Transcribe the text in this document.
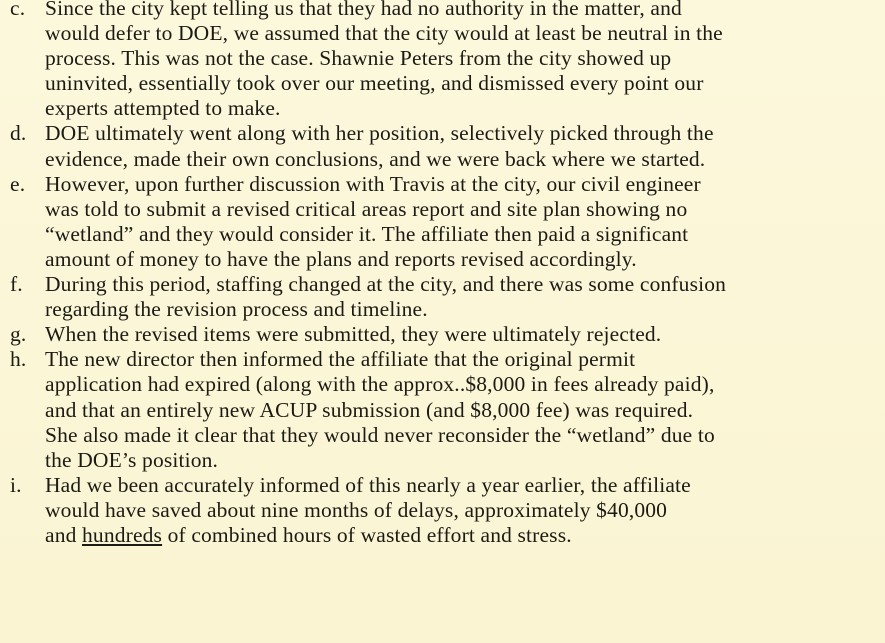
c. Since the city kept telling us that they had no authority in the matter, and
would defer to DOE, we assumed that the city would at least be neutral in the
process. This was not the case. Shawnie Peters from the city showed up
uninvited, essentially took over our meeting, and dismissed every point our
experts attempted to make.
d. DOE ultimately went along with her position, selectively picked through the
evidence, made their own conclusions, and we were back where we started.
e. However, upon further discussion with Travis at the city, our civil engineer
was told to submit a revised critical areas report and site plan showing no
“wetland” and they would consider it. The affiliate then paid a significant
amount of money to have the plans and reports revised accordingly.
f.	During this period, staffing changed at the city, and there was some confusion
regarding the revision process and timeline.
g. When the revised items were submitted, they were ultimately rejected.
h. The new director then informed the affiliate that the original permit
application had expired (along with the approx..$8,000 in fees already paid),
and that an entirely new ACUP submission (and $8,000 fee) was required.
She also made it clear that they would never reconsider the “wetland” due to
the DOE’s position.
i.	Had we been accurately informed of this nearly a year earlier, the affiliate
would have saved about nine months of delays, approximately $40,000
and hundreds of combined hours of wasted effort and stress.
